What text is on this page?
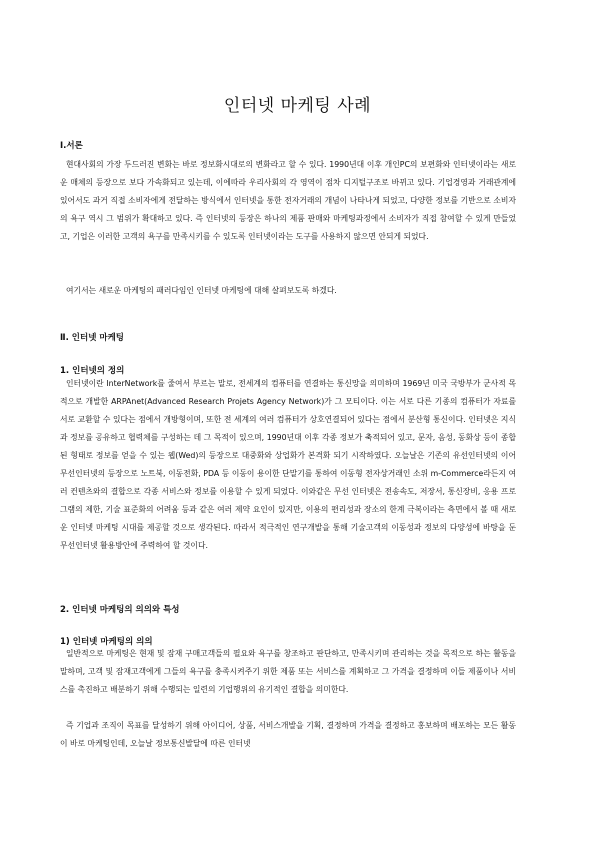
인터넷 마케팅 사례

Ⅰ.서론

현대사회의 가장 두드러진 변화는 바로 정보화시대로의 변화라고 할 수 있다. 1990년대 이후 개인PC의 보편화와 인터넷이라는 새로운 매체의 등장으로 보다 가속화되고 있는데, 이에따라 우리사회의 각 영역이 점차 디지털구조로 바뀌고 있다. 기업경영과 거래관계에 있어서도 과거 직접 소비자에게 전달하는 방식에서 인터넷을 통한 전자거래의 개념이 나타나게 되었고, 다양한 정보를 기반으로 소비자의 욕구 역시 그 범위가 확대하고 있다. 즉 인터넷의 등장은 하나의 제품 판매와 마케팅과정에서 소비자가 직접 참여할 수 있게 만들었고, 기업은 이러한 고객의 욕구를 만족시키를 수 있도록 인터넷이라는 도구를 사용하지 않으면 안되게 되었다.

여기서는 새로운 마케팅의 패러다임인 인터넷 마케팅에 대해 살펴보도록 하겠다.

Ⅱ. 인터넷 마케팅

1. 인터넷의 정의

인터넷이란 InterNetwork를 줄여서 부르는 말로, 전세계의 컴퓨터를 연결하는 통신망을 의미하며 1969년 미국 국방부가 군사적 목적으로 개발한 ARPAnet(Advanced Research Projets Agency Network)가 그 모티이다. 이는 서로 다른 기종의 컴퓨터가 자료를 서로 교환할 수 있다는 점에서 개방형이며, 또한 전 세계의 여러 컴퓨터가 상호연결되어 있다는 점에서 분산형 통신이다. 인터넷은 지식과 정보를 공유하고 협력체를 구성하는 데 그 목적이 있으며, 1990년대 이후 각종 정보가 축적되어 있고, 문자, 음성, 동화상 등이 종합된 형태로 정보를 얻을 수 있는 웹(Wed)의 등장으로 대중화와 상업화가 본격화 되기 시작하였다. 오늘날은 기존의 유선인터넷의 이어 무선인터넷의 등장으로 노트북, 이동전화, PDA 등 이동이 용이한 단말기를 통하여 이동형 전자상거래인 소위 m-Commerce라든지 여러 컨텐츠와의 결합으로 각종 서비스와 정보를 이용할 수 있게 되었다. 이와같은 무선 인터넷은 전송속도, 저장서, 통신장비, 응용 프로그램의 제한, 기술 표준화의 어려움 등과 같은 여러 제약 요인이 있지만, 이용의 편리성과 장소의 한계 극복이라는 측면에서 볼 때 새로운 인터넷 마케팅 시대를 제공할 것으로 생각된다. 따라서 적극적인 연구개발을 통해 기술고객의 이동성과 정보의 다양성에 바탕을 둔 무선인터넷 활용방안에 주력하여 할 것이다.

2. 인터넷 마케팅의 의의와 특성

1) 인터넷 마케팅의 의의

일반적으로 마케팅은 현재 및 잠재 구매고객들의 필요와 욕구를 창조하고 판단하고, 만족시키며 관리하는 것을 목적으로 하는 활동을 말하며, 고객 및 잠재고객에게 그들의 욕구를 충족시켜주기 위한 제품 또는 서비스를 계획하고 그 가격을 결정하며 이들 제품이나 서비스를 촉진하고 배분하기 위해 수행되는 일련의 기업행위의 유기적인 결합을 의미한다.

즉 기업과 조직이 목표를 달성하기 위해 아이디어, 상품, 서비스개발을 기획, 결정하며 가격을 결정하고 홍보하며 배포하는 모든 활동이 바로 마케팅인데, 오늘날 정보통신발달에 따른 인터넷
